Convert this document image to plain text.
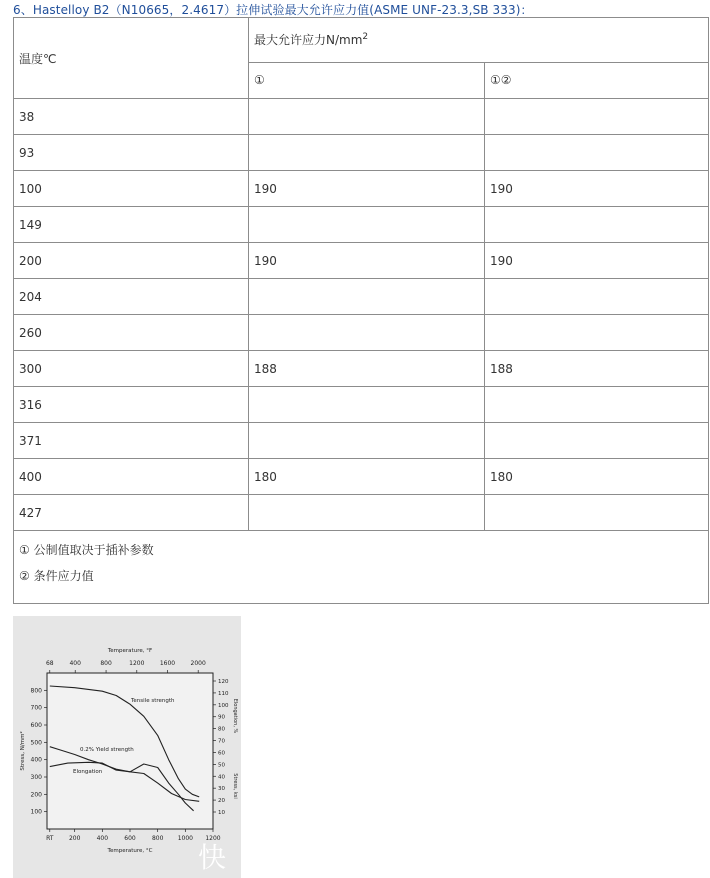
6、Hastelloy B2（N10665，2.4617）拉伸试验最大允许应力值(ASME UNF-23.3,SB 333)：
温度℃	最大允许应力$N/mm^2$
	①	①②
38		
93		
100	190	190
149		
200	190	190
204		
260		
300	188	188
316		
371		
400	180	180
427		

① 公制值取决于插补参数
② 条件应力值		
Temperature, °F
68	400	800	1200	1600	2000
RT	200	400	600	800 1000 1200
Temperature, °C
100
200
300
400
500
600
700
800
Stress, N/mm²
120
110
100
90
80
70
60
50
40
30
20
10
Elongation, %
Stress, ksi
Tensile strength
0.2% Yield strength
Elongation
快
